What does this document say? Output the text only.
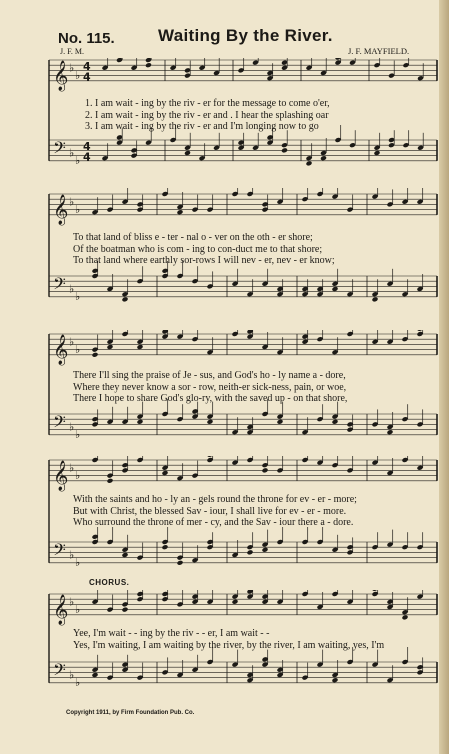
No. 115.	Waiting By the River.
J. F. M.	J. F. MAYFIELD.
𝄞 ♭
♭
4
4
𝄢 ♭
♭
4
4
1. I am wait - ing by the riv - er for the message to come o'er,
2. I am wait - ing by the riv - er and . I hear the splashing oar
3. I am wait - ing by the riv - er and I'm longing now to go
𝄞 ♭
♭
𝄢 ♭
♭
To that land of bliss e - ter - nal o - ver on the oth - er shore;
Of the boatman who is com - ing to con-duct me to that shore;
To that land where earthly sor-rows I will nev - er, nev - er know;
𝄞 ♭
♭
𝄢 ♭
♭
There I'll sing the praise of Je - sus, and God's ho - ly name a - dore,
Where they never know a sor - row, neith-er sick-ness, pain, or woe,
There I hope to share God's glo-ry, with the saved up - on that shore,
𝄞 ♭
♭
𝄢 ♭
♭
With the saints and ho - ly an - gels round the throne for ev - er - more;
But with Christ, the blessed Sav - iour, I shall live for ev - er - more.
Who surround the throne of mer - cy, and the Sav - iour there a - dore.
CHORUS.
𝄞 ♭
♭
𝄢 ♭
♭
Yee, I'm wait - - ing by the riv - - er, I am wait - -
Yes, I'm waiting, I am waiting by the river, by the river, I am waiting, yes, I'm
Copyright 1911, by Firm Foundation Pub. Co.
